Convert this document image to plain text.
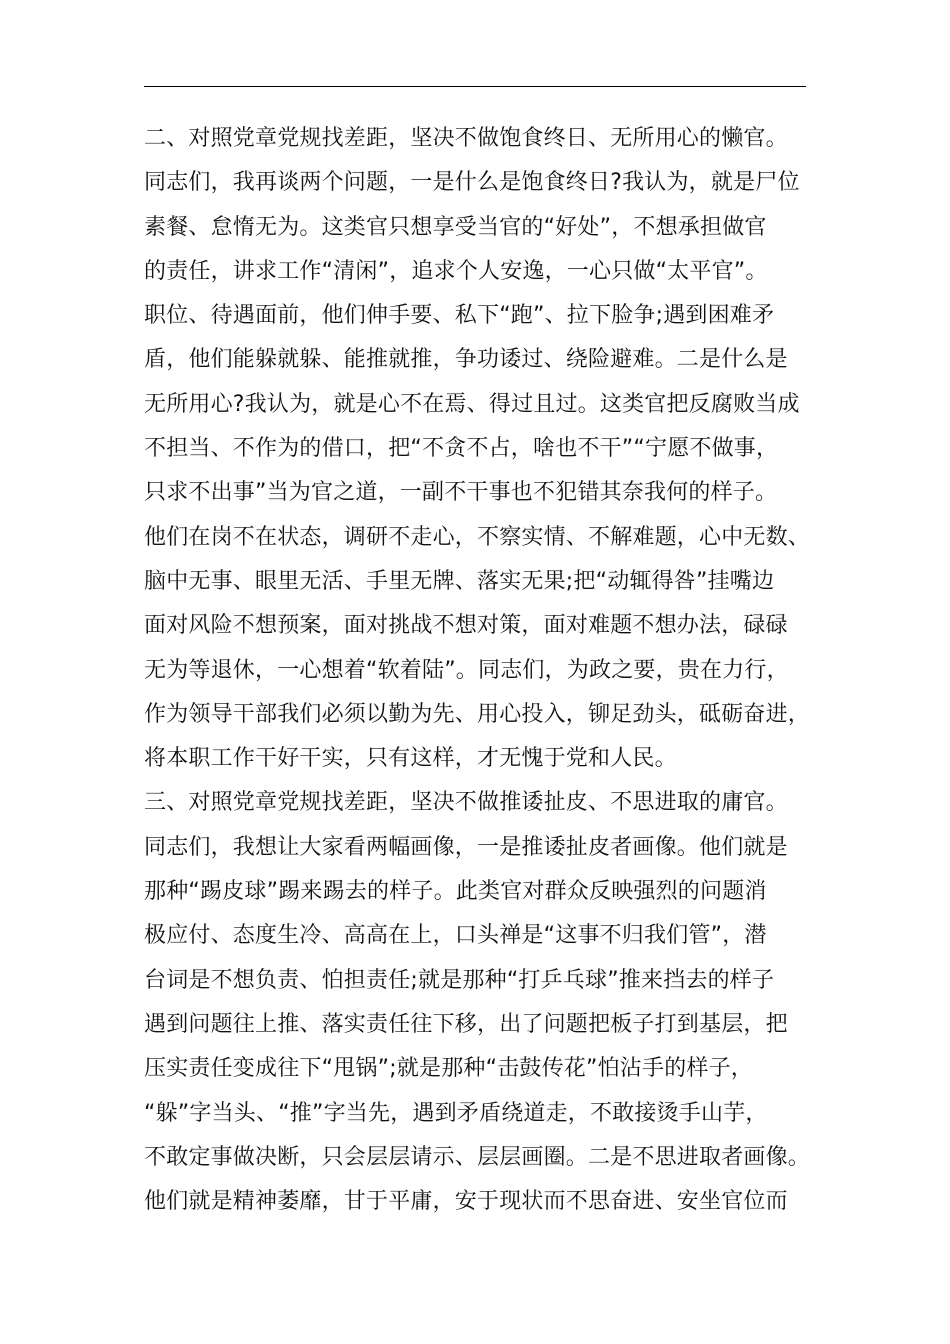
二、对照党章党规找差距，坚决不做饱食终日、无所用心的懒官。
同志们，我再谈两个问题，一是什么是饱食终日?我认为，就是尸位
素餐、怠惰无为。这类官只想享受当官的“好处”，不想承担做官
的责任，讲求工作“清闲”，追求个人安逸，一心只做“太平官”。
职位、待遇面前，他们伸手要、私下“跑”、拉下脸争;遇到困难矛
盾，他们能躲就躲、能推就推，争功诿过、绕险避难。二是什么是
无所用心?我认为，就是心不在焉、得过且过。这类官把反腐败当成
不担当、不作为的借口，把“不贪不占，啥也不干”“宁愿不做事，
只求不出事”当为官之道，一副不干事也不犯错其奈我何的样子。
他们在岗不在状态，调研不走心，不察实情、不解难题，心中无数、
脑中无事、眼里无活、手里无牌、落实无果;把“动辄得咎”挂嘴边
面对风险不想预案，面对挑战不想对策，面对难题不想办法，碌碌
无为等退休，一心想着“软着陆”。同志们，为政之要，贵在力行，
作为领导干部我们必须以勤为先、用心投入，铆足劲头，砥砺奋进，
将本职工作干好干实，只有这样，才无愧于党和人民。
三、对照党章党规找差距，坚决不做推诿扯皮、不思进取的庸官。
同志们，我想让大家看两幅画像，一是推诿扯皮者画像。他们就是
那种“踢皮球”踢来踢去的样子。此类官对群众反映强烈的问题消
极应付、态度生冷、高高在上，口头禅是“这事不归我们管”，潜
台词是不想负责、怕担责任;就是那种“打乒乓球”推来挡去的样子
遇到问题往上推、落实责任往下移，出了问题把板子打到基层，把
压实责任变成往下“甩锅”;就是那种“击鼓传花”怕沾手的样子，
“躲”字当头、“推”字当先，遇到矛盾绕道走，不敢接烫手山芋，
不敢定事做决断，只会层层请示、层层画圈。二是不思进取者画像。
他们就是精神萎靡，甘于平庸，安于现状而不思奋进、安坐官位而
